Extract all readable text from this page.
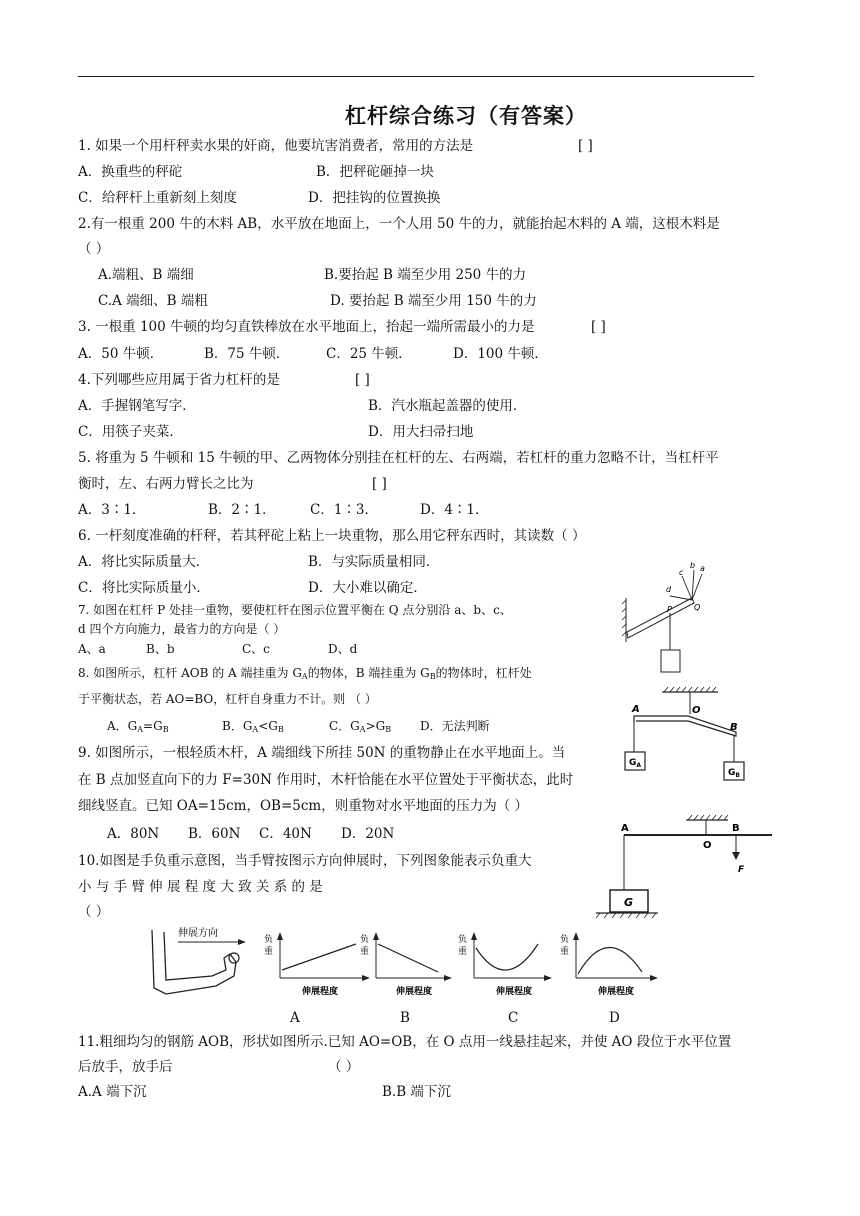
杠杆综合练习（有答案）
1. 如果一个用杆秤卖水果的奸商，他要坑害消费者，常用的方法是	[ ]
A．换重些的秤砣	B．把秤砣砸掉一块
C．给秤杆上重新刻上刻度	D．把挂钩的位置换换
2.有一根重 200 牛的木料 AB，水平放在地面上，一个人用 50 牛的力，就能抬起木料的 A 端，这根木料是
（ ）
A.端粗、B 端细	B.要抬起 B 端至少用 250 牛的力
C.A 端细、B 端粗	D. 要抬起 B 端至少用 150 牛的力
3. 一根重 100 牛顿的均匀直铁棒放在水平地面上，抬起一端所需最小的力是	[ ]
A．50 牛顿．	B．75 牛顿．	C．25 牛顿．	D．100 牛顿．
4.下列哪些应用属于省力杠杆的是	[ ]
A．手握钢笔写字．	B．汽水瓶起盖器的使用．
C．用筷子夹菜．	D．用大扫帚扫地
5. 将重为 5 牛顿和 15 牛顿的甲、乙两物体分别挂在杠杆的左、右两端，若杠杆的重力忽略不计，当杠杆平
衡时，左、右两力臂长之比为	[ ]
A．3∶1．	B．2∶1．	C．1∶3．	D．4∶1．
6. 一杆刻度准确的杆秤，若其秤砣上粘上一块重物，那么用它秤东西时，其读数（ ）
A．将比实际质量大．	B．与实际质量相同．
C．将比实际质量小．	D．大小难以确定．
7. 如图在杠杆 P 处挂一重物，要使杠杆在图示位置平衡在 Q 点分别沿 a、b、c、
d 四个方向施力，最省力的方向是（ ）
A、a	B、b	C、c	D、d
8. 如图所示，杠杆 AOB 的 A 端挂重为 $G_A$的物体，B 端挂重为 $G_B$的物体时，杠杆处
于平衡状态，若 AO=BO，杠杆自身重力不计。则 （ ）
A．$G_A=G_B$	B．$G_A<G_B$	C．$G_A>G_B$ D．无法判断
9. 如图所示，一根轻质木杆，A 端细线下所挂 50N 的重物静止在水平地面上。当
在 B 点加竖直向下的力 F=30N 作用时，木杆恰能在水平位置处于平衡状态，此时
细线竖直。已知 OA=15cm，OB=5cm，则重物对水平地面的压力为（ ）
A．80N B．60N C．40N D．20N
10.如图是手负重示意图，当手臂按图示方向伸展时，下列图象能表示负重大
小 与 手 臂 伸 展 程 度 大 致 关 系 的 是
（ ）
A	B	C	D
11.粗细均匀的钢筋 AOB，形状如图所示.已知 AO=OB，在 O 点用一线悬挂起来，并使 AO 段位于水平位置
后放手，放手后	（ ）
A.A 端下沉	B.B 端下沉
c
b a
d
P	Q
A	O
B
$G_A$
$G_B$
A
O
B
F
G
伸展方向
负
重
伸展程度
负
重
伸展程度
负
重
伸展程度
负
重
伸展程度
